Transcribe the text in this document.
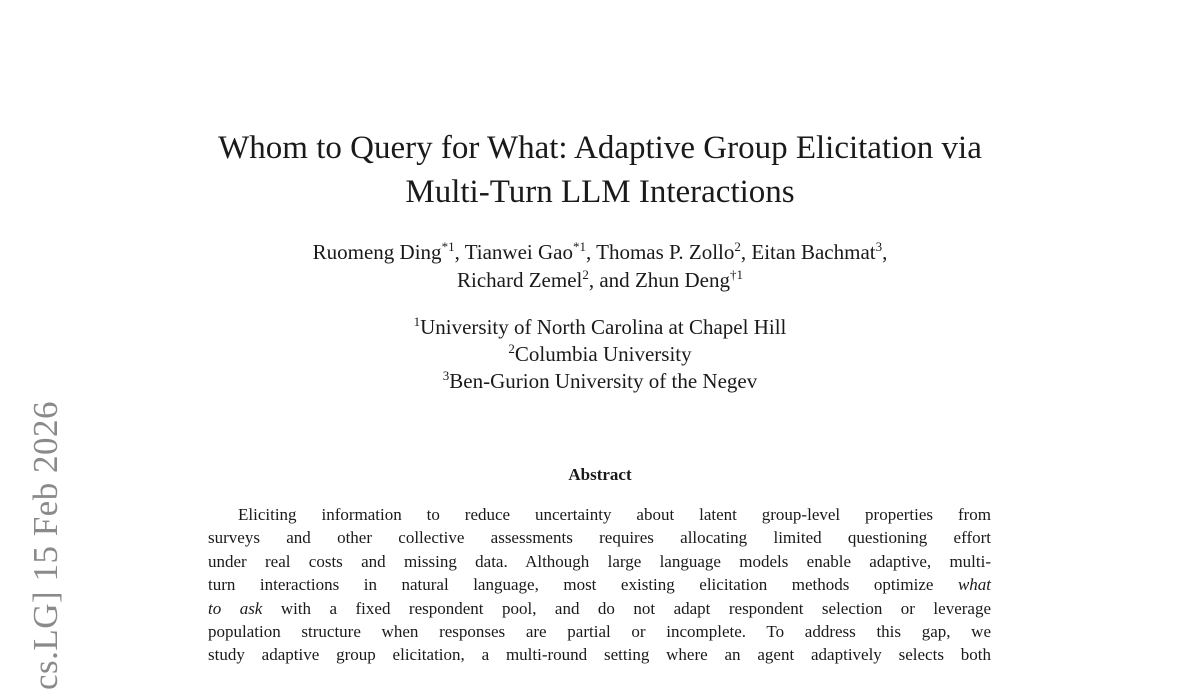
cs.LG] 15 Feb 2026
Whom to Query for What: Adaptive Group Elicitation via
Multi-Turn LLM Interactions
Ruomeng Ding$^{*1}$, Tianwei Gao$^{*1}$, Thomas P. Zollo$^2$, Eitan Bachmat$^3$,
Richard Zemel$^2$, and Zhun Deng$^{\dagger 1}$
$^1$University of North Carolina at Chapel Hill
$^2$Columbia University
$^3$Ben-Gurion University of the Negev
Abstract
Eliciting information to reduce uncertainty about latent group-level properties from
surveys and other collective assessments requires allocating limited questioning effort
under real costs and missing data. Although large language models enable adaptive, multi-
turn interactions in natural language, most existing elicitation methods optimize what
to ask with a fixed respondent pool, and do not adapt respondent selection or leverage
population structure when responses are partial or incomplete. To address this gap, we
study adaptive group elicitation, a multi-round setting where an agent adaptively selects both
